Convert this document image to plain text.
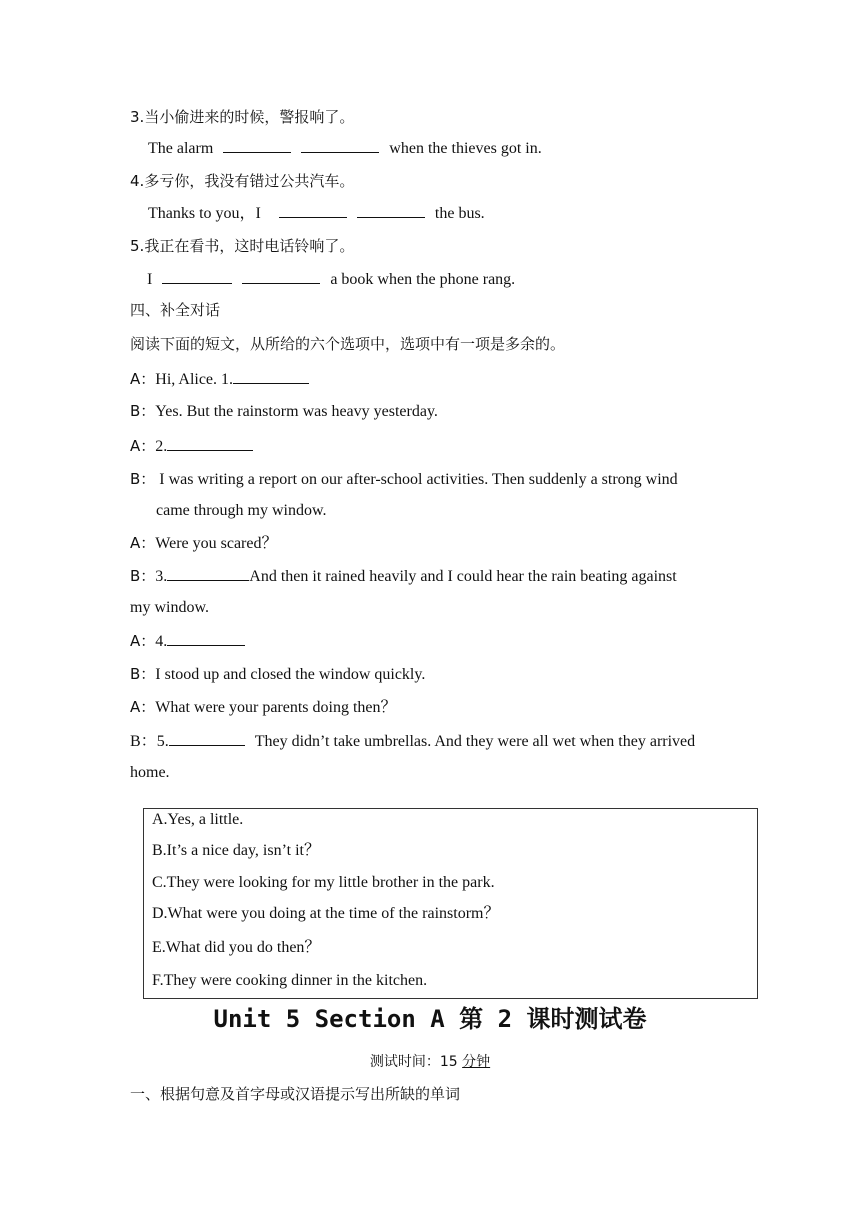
3.当小偷进来的时候，警报响了。
The alarm	when the thieves got in.
4.多亏你，我没有错过公共汽车。
Thanks to you，I	the bus.
5.我正在看书，这时电话铃响了。
I	a book when the phone rang.
四、补全对话
阅读下面的短文，从所给的六个选项中，选项中有一项是多余的。
A：Hi, Alice. 1.
B：Yes. But the rainstorm was heavy yesterday.
A：2.
B： I was writing a report on our after-school activities. Then suddenly a strong wind
came through my window.
A：Were you scared？
B：3.	And then it rained heavily and I could hear the rain beating against
my window.
A：4.
B：I stood up and closed the window quickly.
A：What were your parents doing then？
B：5.	They didn’t take umbrellas. And they were all wet when they arrived
home.
A.Yes, a little.
B.It’s a nice day, isn’t it？
C.They were looking for my little brother in the park.
D.What were you doing at the time of the rainstorm？
E.What did you do then？
F.They were cooking dinner in the kitchen.
Unit 5 Section A 第 2 课时测试卷
测试时间：15 分钟
一、根据句意及首字母或汉语提示写出所缺的单词
